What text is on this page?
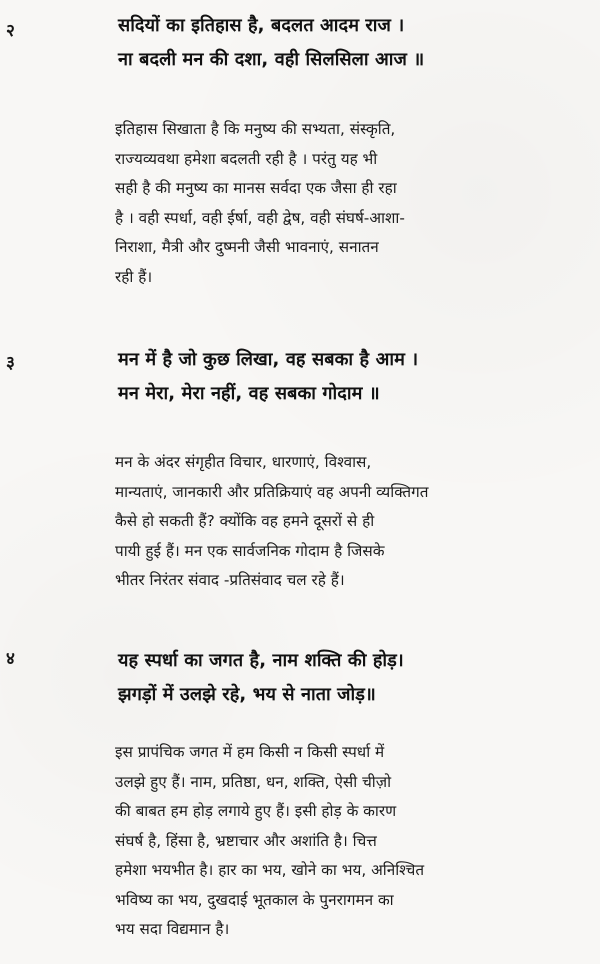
२	सदियों का इतिहास है, बदलत आदम राज ।
ना बदली मन की दशा, वही सिलसिला आज ॥
इतिहास सिखाता है कि मनुष्य की सभ्यता, संस्कृति,
राज्यव्यवथा हमेशा बदलती रही है । परंतु यह भी
सही है की मनुष्य का मानस सर्वदा एक जैसा ही रहा
है । वही स्पर्धा, वही ईर्षा, वही द्वेष, वही संघर्ष-आशा-
निराशा, मैत्री और दुष्मनी जैसी भावनाएं, सनातन
रही हैं।
३	मन में है जो कुछ लिखा, वह सबका है आम ।
मन मेरा, मेरा नहीं, वह सबका गोदाम ॥
मन के अंदर संगृहीत विचार, धारणाएं, विश्वास,
मान्यताएं, जानकारी और प्रतिक्रियाएं वह अपनी व्यक्तिगत
कैसे हो सकती हैं? क्योंकि वह हमने दूसरों से ही
पायी हुई हैं। मन एक सार्वजनिक गोदाम है जिसके
भीतर निरंतर संवाद -प्रतिसंवाद चल रहे हैं।
४	यह स्पर्धा का जगत है, नाम शक्ति की होड़।
झगड़ों में उलझे रहे, भय से नाता जोड़॥
इस प्रापंचिक जगत में हम किसी न किसी स्पर्धा में
उलझे हुए हैं। नाम, प्रतिष्ठा, धन, शक्ति, ऐसी चीज़ो
की बाबत हम होड़ लगाये हुए हैं। इसी होड़ के कारण
संघर्ष है, हिंसा है, भ्रष्टाचार और अशांति है। चित्त
हमेशा भयभीत है। हार का भय, खोने का भय, अनिश्चित
भविष्य का भय, दुखदाई भूतकाल के पुनरागमन का
भय सदा विद्यमान है।
